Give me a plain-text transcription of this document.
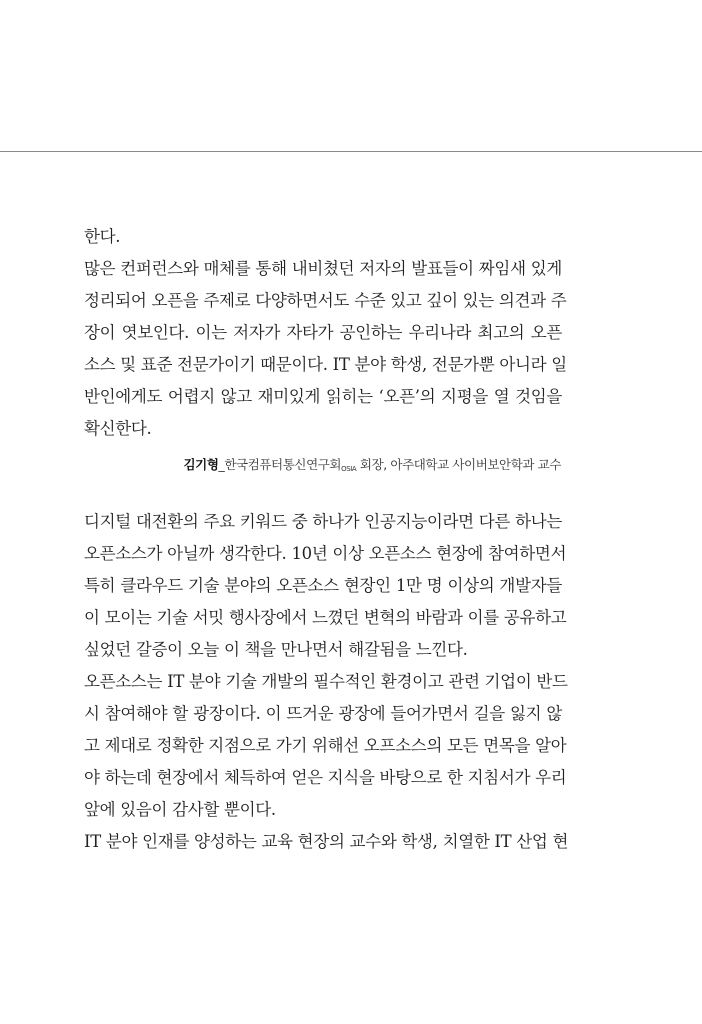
한다.
많은 컨퍼런스와 매체를 통해 내비쳤던 저자의 발표들이 짜임새 있게
정리되어 오픈을 주제로 다양하면서도 수준 있고 깊이 있는 의견과 주
장이 엿보인다. 이는 저자가 자타가 공인하는 우리나라 최고의 오픈
소스 및 표준 전문가이기 때문이다. IT 분야 학생, 전문가뿐 아니라 일
반인에게도 어렵지 않고 재미있게 읽히는 ‘오픈’의 지평을 열 것임을
확신한다.
김기형_한국컴퓨터통신연구회$_{OSIA}$ 회장, 아주대학교 사이버보안학과 교수
디지털 대전환의 주요 키워드 중 하나가 인공지능이라면 다른 하나는
오픈소스가 아닐까 생각한다. 10년 이상 오픈소스 현장에 참여하면서
특히 클라우드 기술 분야의 오픈소스 현장인 1만 명 이상의 개발자들
이 모이는 기술 서밋 행사장에서 느꼈던 변혁의 바람과 이를 공유하고
싶었던 갈증이 오늘 이 책을 만나면서 해갈됨을 느낀다.
오픈소스는 IT 분야 기술 개발의 필수적인 환경이고 관련 기업이 반드
시 참여해야 할 광장이다. 이 뜨거운 광장에 들어가면서 길을 잃지 않
고 제대로 정확한 지점으로 가기 위해선 오프소스의 모든 면목을 알아
야 하는데 현장에서 체득하여 얻은 지식을 바탕으로 한 지침서가 우리
앞에 있음이 감사할 뿐이다.
IT 분야 인재를 양성하는 교육 현장의 교수와 학생, 치열한 IT 산업 현
